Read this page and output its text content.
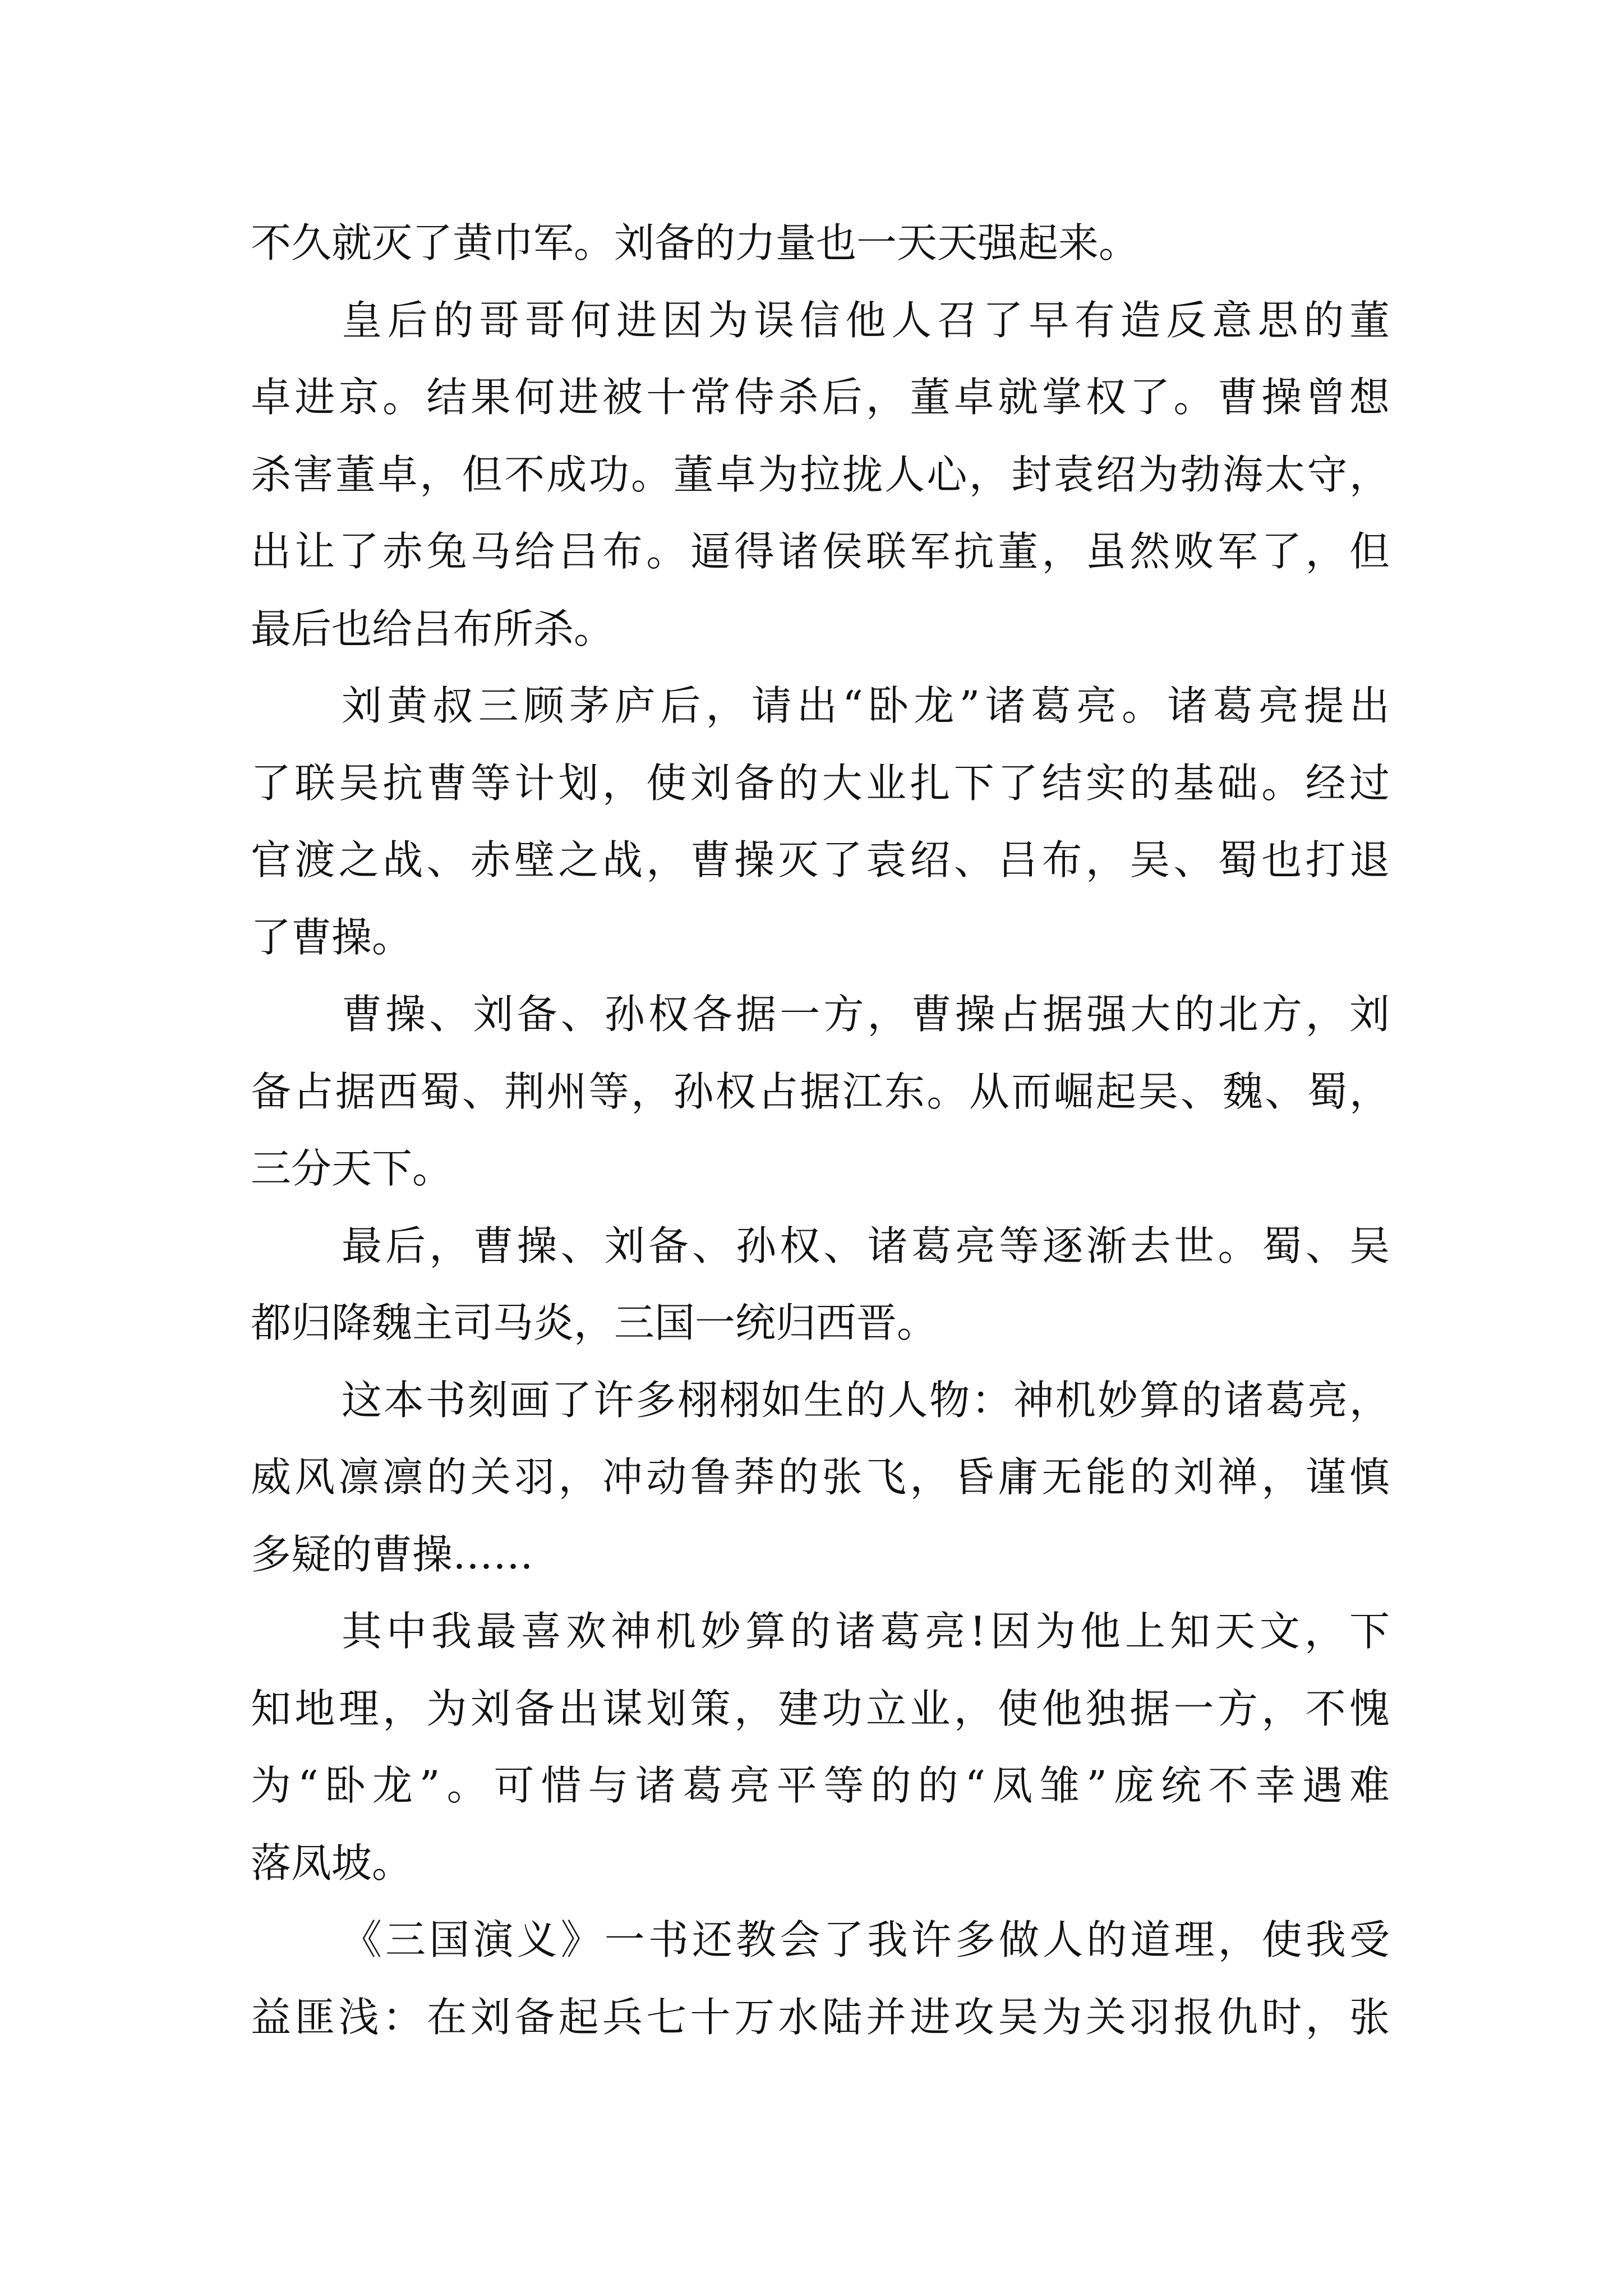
不久就灭了黄巾军。刘备的力量也一天天强起来。
皇后的哥哥何进因为误信他人召了早有造反意思的董
卓进京。结果何进被十常侍杀后，董卓就掌权了。曹操曾想
杀害董卓，但不成功。董卓为拉拢人心，封袁绍为勃海太守，
出让了赤兔马给吕布。逼得诸侯联军抗董，虽然败军了，但
最后也给吕布所杀。
刘黄叔三顾茅庐后，请出“卧龙”诸葛亮。诸葛亮提出
了联吴抗曹等计划，使刘备的大业扎下了结实的基础。经过
官渡之战、赤壁之战，曹操灭了袁绍、吕布，吴、蜀也打退
了曹操。
曹操、刘备、孙权各据一方，曹操占据强大的北方，刘
备占据西蜀、荆州等，孙权占据江东。从而崛起吴、魏、蜀，
三分天下。
最后，曹操、刘备、孙权、诸葛亮等逐渐去世。蜀、吴
都归降魏主司马炎，三国一统归西晋。
这本书刻画了许多栩栩如生的人物：神机妙算的诸葛亮，
威风凛凛的关羽，冲动鲁莽的张飞，昏庸无能的刘禅，谨慎
多疑的曹操……
其中我最喜欢神机妙算的诸葛亮!因为他上知天文，下
知地理，为刘备出谋划策，建功立业，使他独据一方，不愧
为“卧龙”。可惜与诸葛亮平等的的“凤雏”庞统不幸遇难
落凤坡。
《三国演义》一书还教会了我许多做人的道理，使我受
益匪浅：在刘备起兵七十万水陆并进攻吴为关羽报仇时，张
